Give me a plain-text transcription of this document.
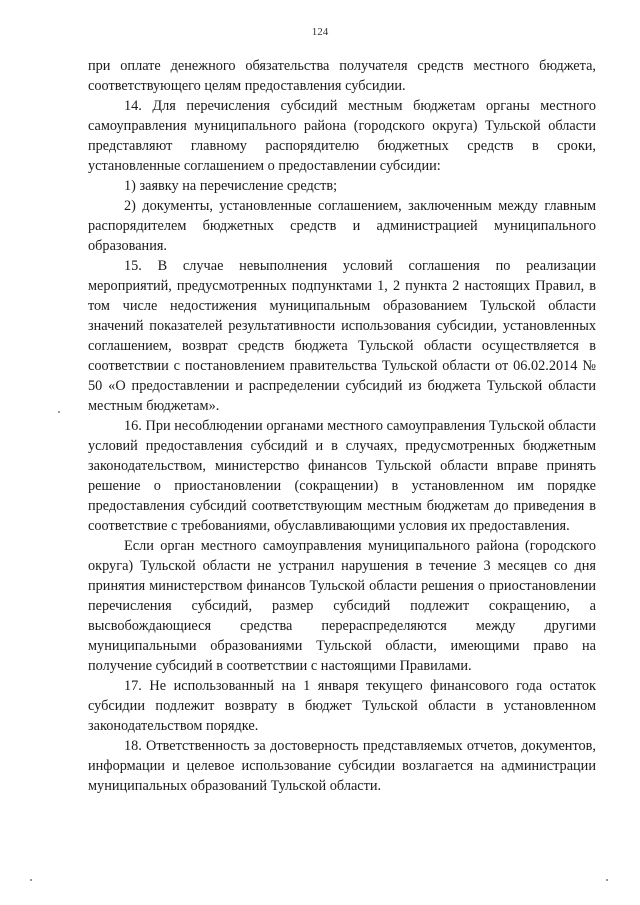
124

при оплате денежного обязательства получателя средств местного бюджета, соответствующего целям предоставления субсидии.

14. Для перечисления субсидий местным бюджетам органы местного самоуправления муниципального района (городского округа) Тульской области представляют главному распорядителю бюджетных средств в сроки, установленные соглашением о предоставлении субсидии:

1) заявку на перечисление средств;

2) документы, установленные соглашением, заключенным между главным распорядителем бюджетных средств и администрацией муниципального образования.

15. В случае невыполнения условий соглашения по реализации мероприятий, предусмотренных подпунктами 1, 2 пункта 2 настоящих Правил, в том числе недостижения муниципальным образованием Тульской области значений показателей результативности использования субсидии, установленных соглашением, возврат средств бюджета Тульской области осуществляется в соответствии с постановлением правительства Тульской области от 06.02.2014 № 50 «О предоставлении и распределении субсидий из бюджета Тульской области местным бюджетам».

16. При несоблюдении органами местного самоуправления Тульской области условий предоставления субсидий и в случаях, предусмотренных бюджетным законодательством, министерство финансов Тульской области вправе принять решение о приостановлении (сокращении) в установленном им порядке предоставления субсидий соответствующим местным бюджетам до приведения в соответствие с требованиями, обуславливающими условия их предоставления.

Если орган местного самоуправления муниципального района (городского округа) Тульской области не устранил нарушения в течение 3 месяцев со дня принятия министерством финансов Тульской области решения о приостановлении перечисления субсидий, размер субсидий подлежит сокращению, а высвобождающиеся средства перераспределяются между другими муниципальными образованиями Тульской области, имеющими право на получение субсидий в соответствии с настоящими Правилами.

17. Не использованный на 1 января текущего финансового года остаток субсидии подлежит возврату в бюджет Тульской области в установленном законодательством порядке.

18. Ответственность за достоверность представляемых отчетов, документов, информации и целевое использование субсидии возлагается на администрации муниципальных образований Тульской области.
